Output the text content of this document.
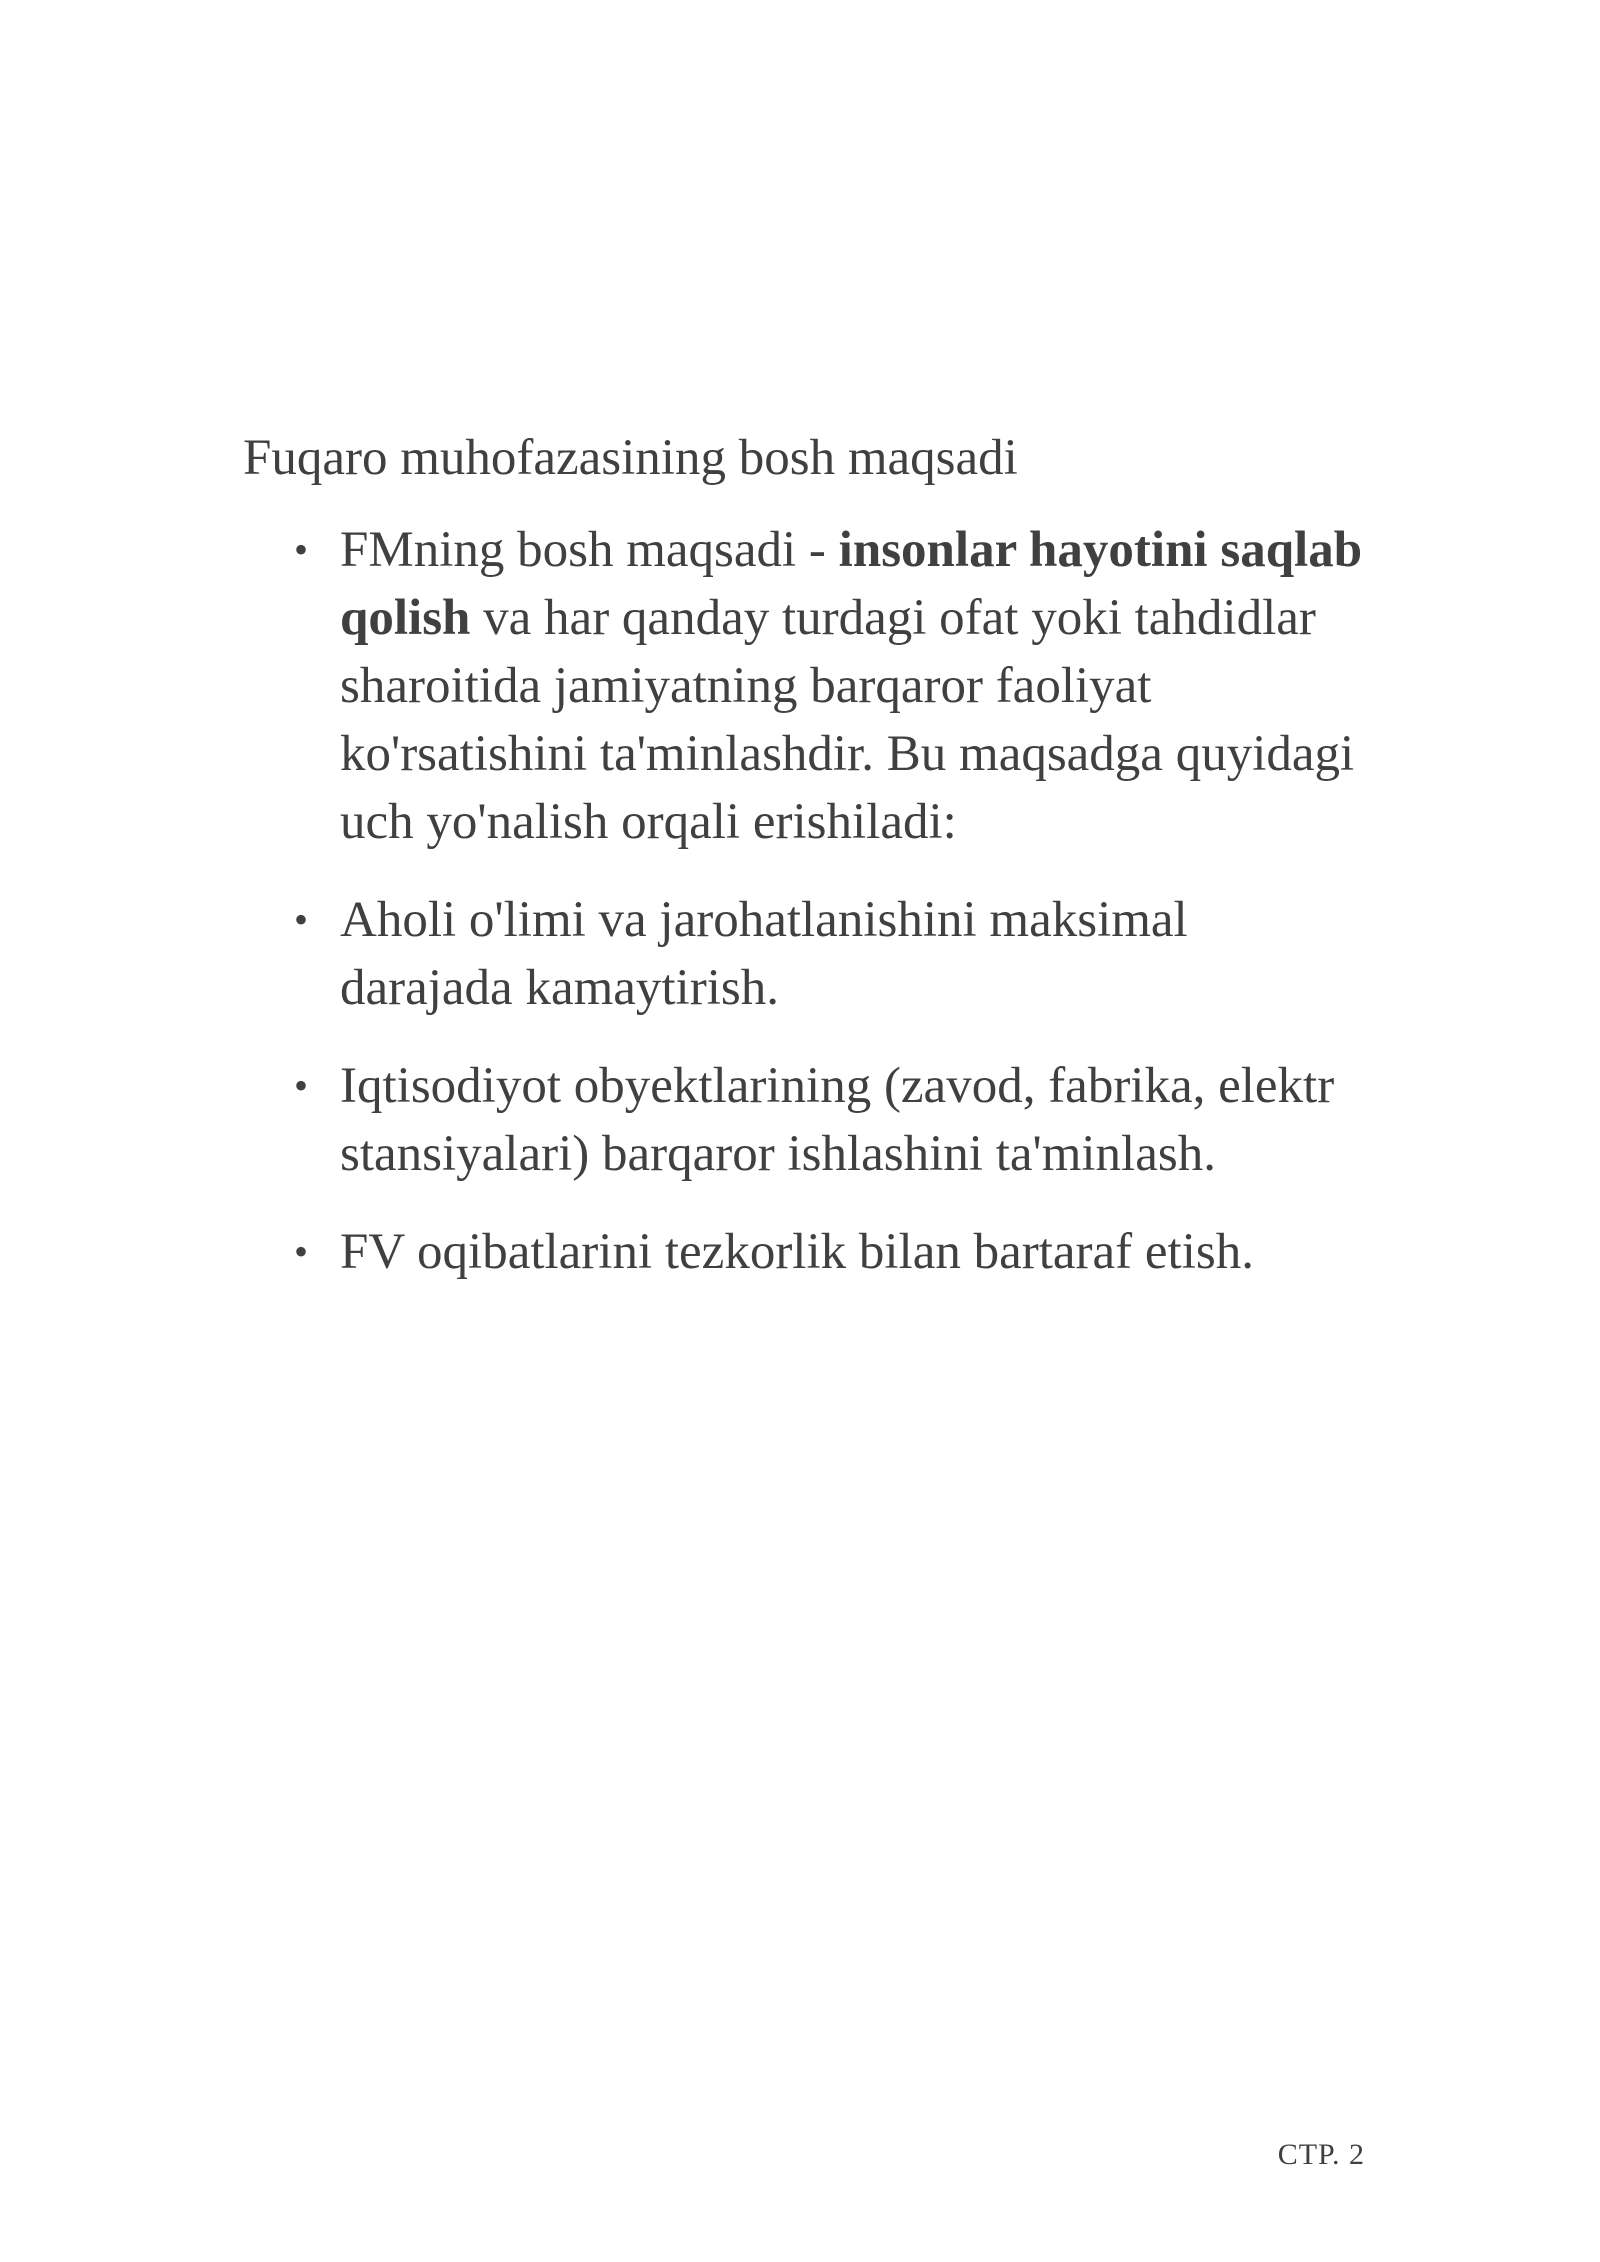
Fuqaro muhofazasining bosh maqsadi
• FMning bosh maqsadi - insonlar hayotini saqlab qolish va har qanday turdagi ofat yoki tahdidlar sharoitida jamiyatning barqaror faoliyat ko'rsatishini ta'minlashdir. Bu maqsadga quyidagi uch yo'nalish orqali erishiladi:
• Aholi o'limi va jarohatlanishini maksimal darajada kamaytirish.
• Iqtisodiyot obyektlarining (zavod, fabrika, elektr stansiyalari) barqaror ishlashini ta'minlash.
• FV oqibatlarini tezkorlik bilan bartaraf etish.
СТР. 2
